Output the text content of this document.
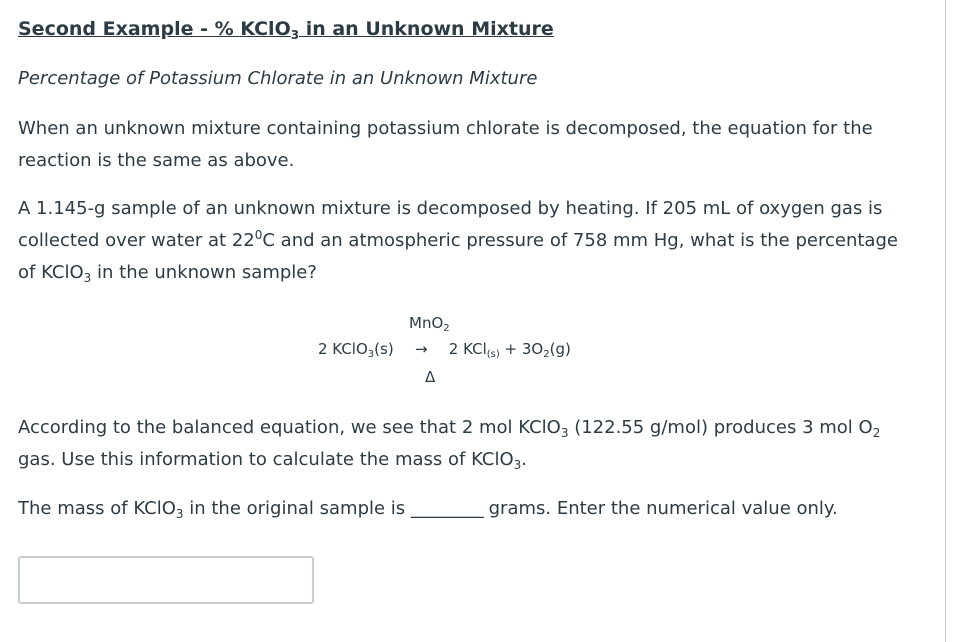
Second Example - % KClO$_3$ in an Unknown Mixture

Percentage of Potassium Chlorate in an Unknown Mixture

When an unknown mixture containing potassium chlorate is decomposed, the equation for the reaction is the same as above.

A 1.145-g sample of an unknown mixture is decomposed by heating. If 205 mL of oxygen gas is collected over water at $22^0C$ and an atmospheric pressure of 758 mm Hg, what is the percentage of KClO$_3$ in the unknown sample?

MnO$_2$
2 KClO$_3$(s) → 2 $KCl_{(s)} + 3O_2(g)$
Δ

According to the balanced equation, we see that 2 mol KClO$_3$ (122.55 g/mol) produces 3 mol $O_2$ gas. Use this information to calculate the mass of KClO$_3$.

The mass of KClO$_3$ in the original sample is _________ grams. Enter the numerical value only.
